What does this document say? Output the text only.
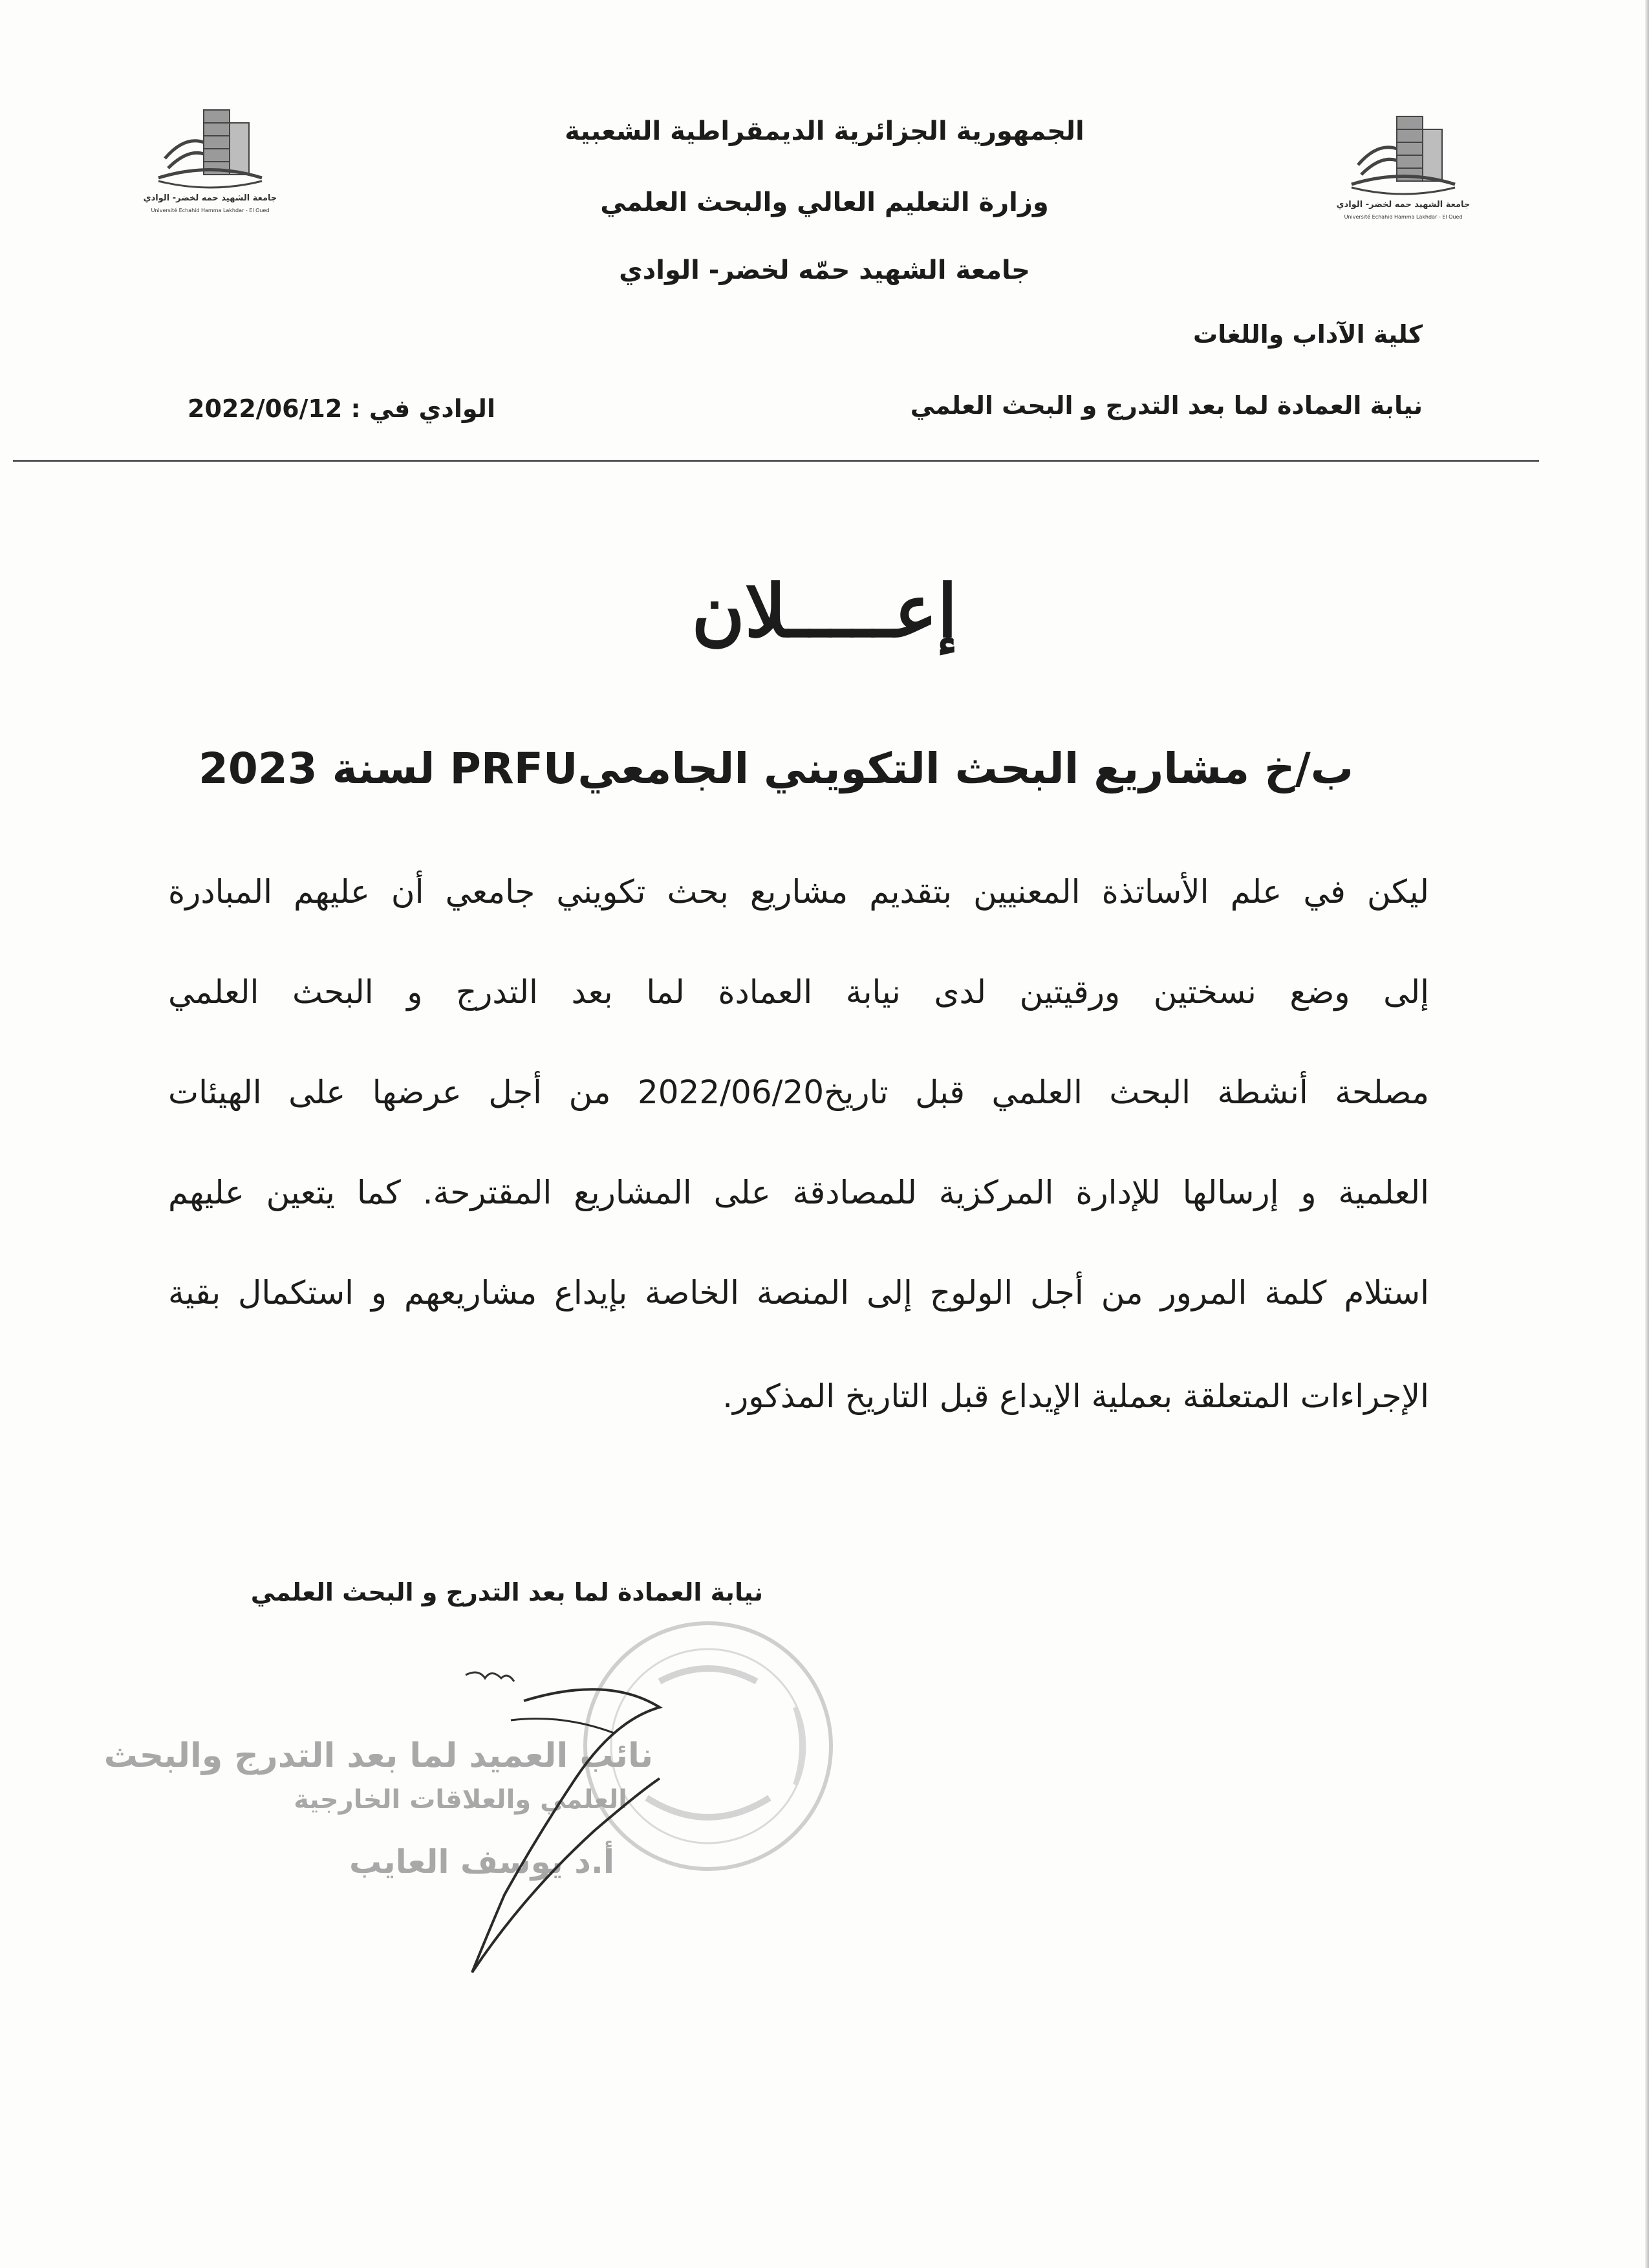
جامعة الشهيد حمه لخضر- الوادي
Université Echahid Hamma Lakhdar - El Oued
جامعة الشهيد حمه لخضر- الوادي
Université Echahid Hamma Lakhdar - El Oued
الجمهورية الجزائرية الديمقراطية الشعبية
وزارة التعليم العالي والبحث العلمي
جامعة الشهيد حمّه لخضر- الوادي
كلية الآداب واللغات
نيابة العمادة لما بعد التدرج و البحث العلمي
الوادي في : 2022/06/12
إعـــــلان
ب/خ مشاريع البحث التكويني الجامعيPRFU لسنة 2023
ليكن في علم الأساتذة المعنيين بتقديم مشاريع بحث تكويني جامعي أن عليهم المبادرة
إلى وضع نسختين ورقيتين لدى نيابة العمادة لما بعد التدرج و البحث العلمي
مصلحة أنشطة البحث العلمي قبل تاريخ2022/06/20 من أجل عرضها على الهيئات
العلمية و إرسالها للإدارة المركزية للمصادقة على المشاريع المقترحة. كما يتعين عليهم
استلام كلمة المرور من أجل الولوج إلى المنصة الخاصة بإيداع مشاريعهم و استكمال بقية
الإجراءات المتعلقة بعملية الإيداع قبل التاريخ المذكور.
نيابة العمادة لما بعد التدرج و البحث العلمي
نائب العميد لما بعد التدرج والبحث
العلمي والعلاقات الخارجية
أ.د يوسف العايب
